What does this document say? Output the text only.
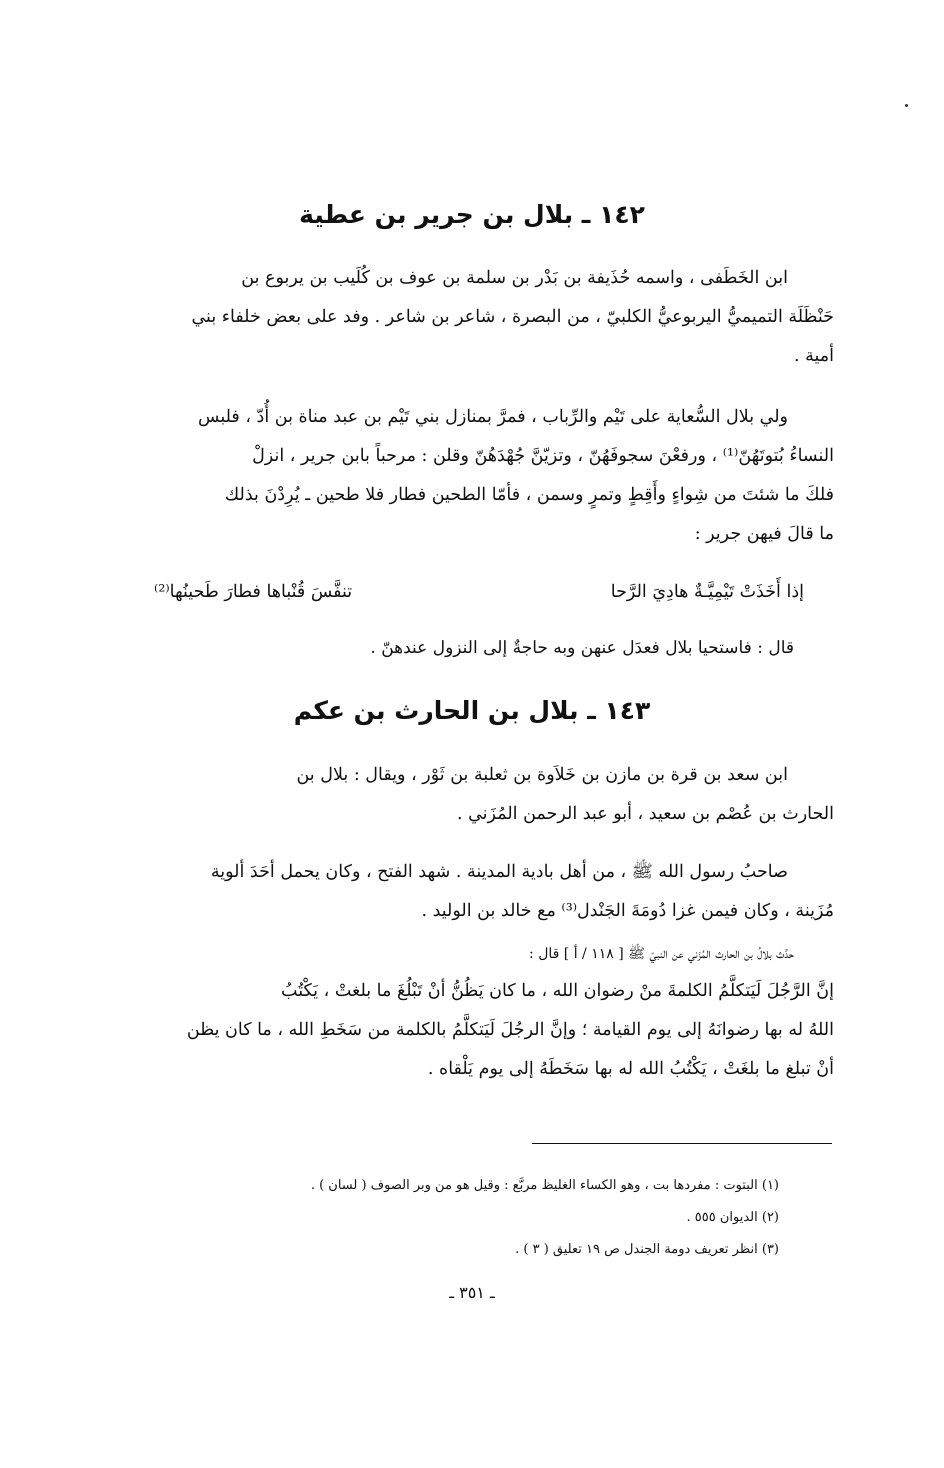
١٤٢ ـ بلال بن جرير بن عطية
ابن الخَطَفى ، واسمه حُذَيفة بن بَدْر بن سلمة بن عوف بن كُلَيب بن يربوع بن
حَنْظَلَة التميميُّ اليربوعيُّ الكلبيّ ، من البصرة ، شاعر بن شاعر . وفد على بعض خلفاء بني
أمية .
ولي بلال السُّعاية على تَيْم والرِّباب ، فمرَّ بمنازل بني تَيْم بن عبد مناة بن أُدّ ، فلبس
النساءُ بُتوتَهُنّ⁽¹⁾ ، ورفعْنَ سجوفَهُنّ ، وتزيّنَّ جُهْدَهُنّ وقلن : مرحباً بابن جرير ، انزلْ
فلكَ ما شئتَ من شِواءٍ وأَقِطٍ وتمرٍ وسمن ، فأمّا الطحين فطار فلا طحين ـ يُرِدْنَ بذلك
ما قالَ فيهن جرير :
إذا أَخَذَتْ تَيْمِيَّـةٌ هادِيَ الرَّحا
تنفَّسَ قُنْباها فطارَ طَحينُها⁽²⁾
قال : فاستحيا بلال فعدَل عنهن وبه حاجةٌ إلى النزول عندهنّ .
١٤٣ ـ بلال بن الحارث بن عكم
ابن سعد بن قرة بن مازن بن خَلاَوة بن ثعلبة بن ثَوْر ، ويقال : بلال بن
الحارث بن عُصْم بن سعيد ، أبو عبد الرحمن المُزَني .
صاحبُ رسول الله ﷺ ، من أهل بادية المدينة . شهد الفتح ، وكان يحمل أحَدَ ألوية
مُزَينة ، وكان فيمن غزا دُومَةَ الجَنْدل⁽³⁾ مع خالد بن الوليد .
حدَّث بلالُ بن الحارث المُزَني عن النبيّ ﷺ [ ١١٨ / أ ] قال :
إنَّ الرَّجُلَ لَيَتكلَّمُ الكلمةَ منْ رضوان الله ، ما كان يَظُنُّ أنْ تَبْلُغَ ما بلغتْ ، يَكْتُبُ
اللهُ له بها رضوانَهُ إلى يوم القيامة ؛ وإنَّ الرجُلَ لَيَتكلَّمُ بالكلمة من سَخَطِ الله ، ما كان يظن
أنْ تبلغ ما بلغَتْ ، يَكْتُبُ الله له بها سَخَطَهُ إلى يوم يَلْقاه .
(١) البتوت : مفردها بت ، وهو الكساء الغليظ مربَّع : وقيل هو من وبر الصوف ( لسان ) .
(٢) الديوان ٥٥٥ .
(٣) انظر تعريف دومة الجندل ص ١٩ تعليق ( ٣ ) .
ـ ٣٥١ ـ
